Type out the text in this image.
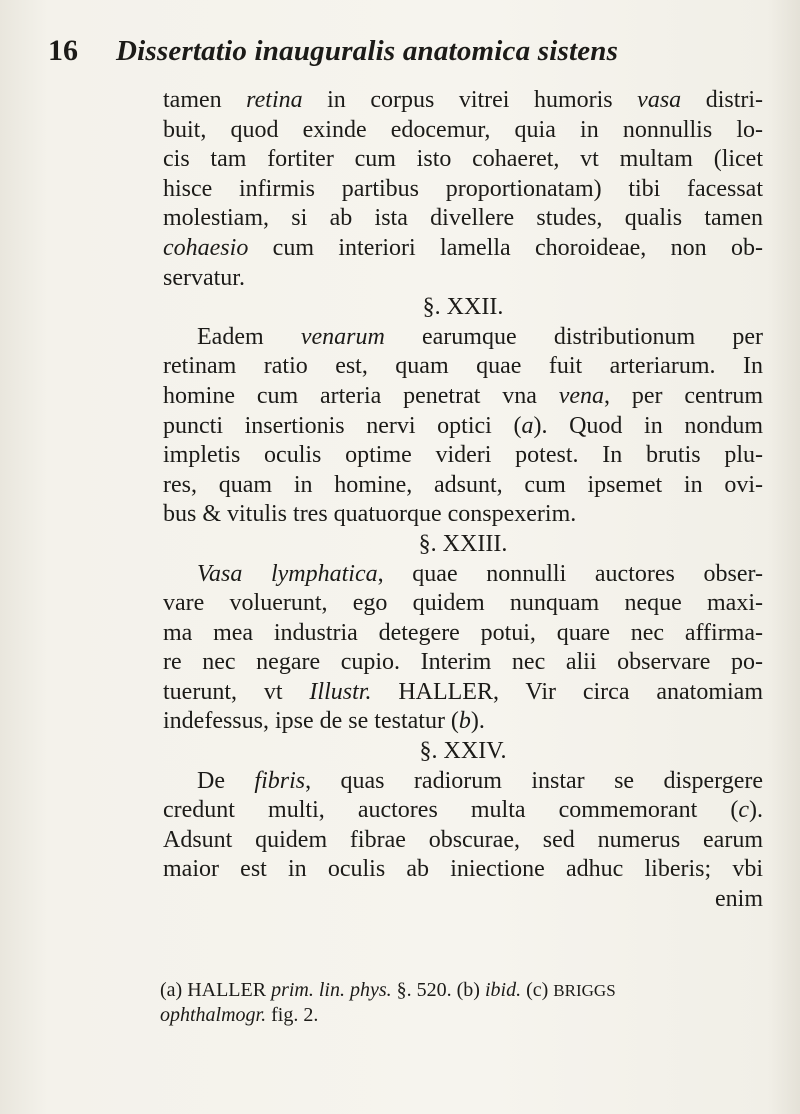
16	Dissertatio inauguralis anatomica sistens
tamen retina in corpus vitrei humoris vasa distri-
buit, quod exinde edocemur, quia in nonnullis lo-
cis tam fortiter cum isto cohaeret, vt multam (licet
hisce infirmis partibus proportionatam) tibi facessat
molestiam, si ab ista divellere studes, qualis tamen
cohaesio cum interiori lamella choroideae, non ob-
servatur.
§. XXII.
Eadem venarum earumque distributionum per
retinam ratio est, quam quae fuit arteriarum. In
homine cum arteria penetrat vna vena, per centrum
puncti insertionis nervi optici (a). Quod in nondum
impletis oculis optime videri potest. In brutis plu-
res, quam in homine, adsunt, cum ipsemet in ovi-
bus & vitulis tres quatuorque conspexerim.
§. XXIII.
Vasa lymphatica, quae nonnulli auctores obser-
vare voluerunt, ego quidem nunquam neque maxi-
ma mea industria detegere potui, quare nec affirma-
re nec negare cupio. Interim nec alii observare po-
tuerunt, vt Illustr. HALLER, Vir circa anatomiam
indefessus, ipse de se testatur (b).
§. XXIV.
De fibris, quas radiorum instar se dispergere
credunt multi, auctores multa commemorant (c).
Adsunt quidem fibrae obscurae, sed numerus earum
maior est in oculis ab iniectione adhuc liberis; vbi
enim
(a) HALLER prim. lin. phys. §. 520. (b) ibid. (c) BRIGGS
ophthalmogr. fig. 2.
